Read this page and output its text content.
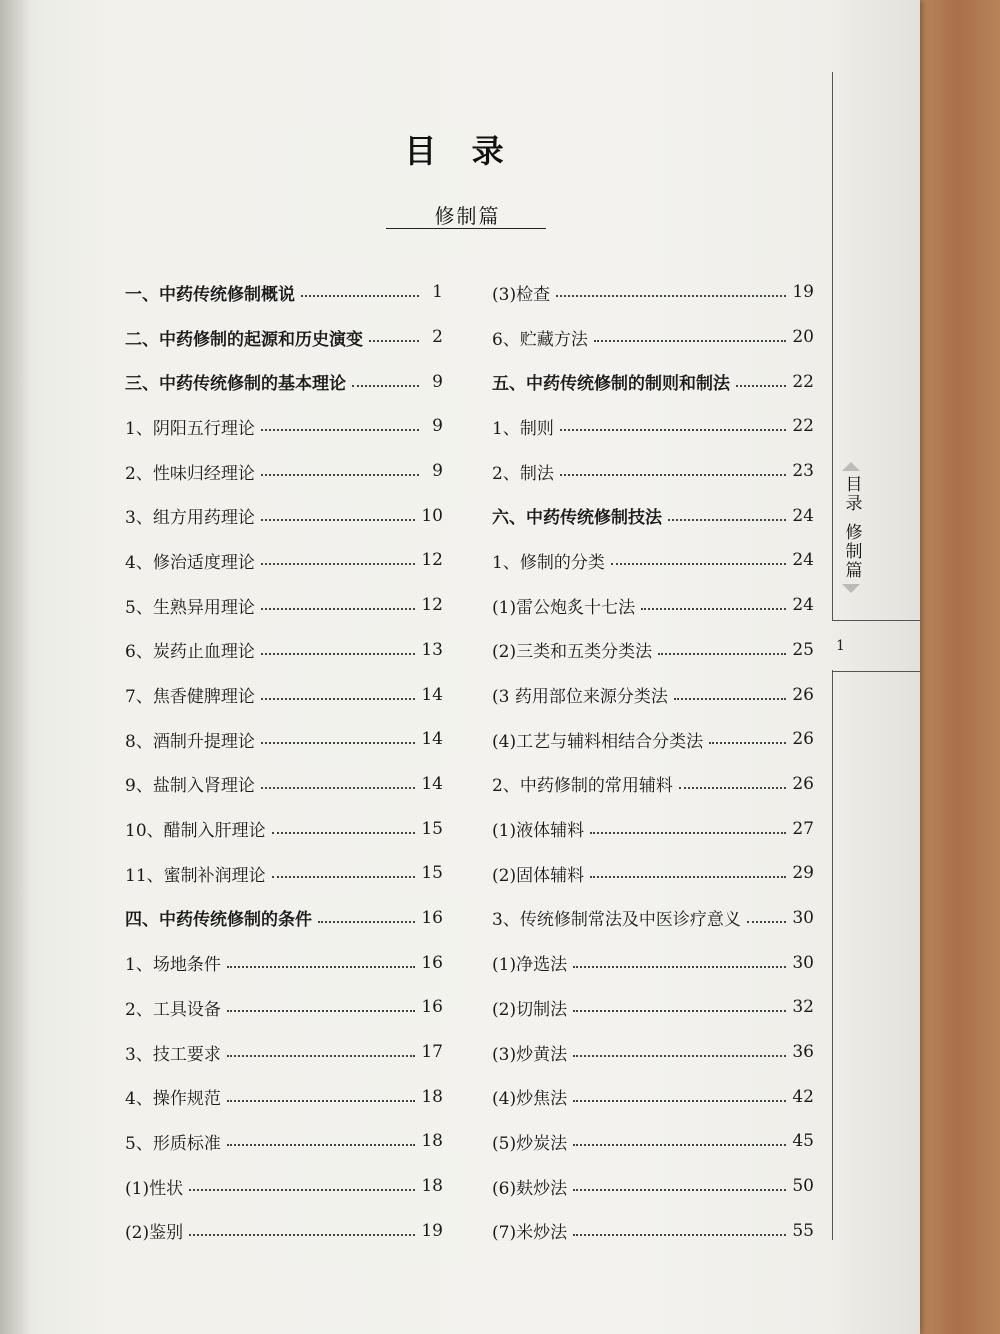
目 录
修制篇
一、中药传统修制概说	1
二、中药修制的起源和历史演变	2
三、中药传统修制的基本理论	9
1、阴阳五行理论	9
2、性味归经理论	9
3、组方用药理论	10
4、修治适度理论	12
5、生熟异用理论	12
6、炭药止血理论	13
7、焦香健脾理论	14
8、酒制升提理论	14
9、盐制入肾理论	14
10、醋制入肝理论	15
11、蜜制补润理论	15
四、中药传统修制的条件	16
1、场地条件	16
2、工具设备	16
3、技工要求	17
4、操作规范	18
5、形质标准	18
(1)性状	18
(2)鉴别	19
(3)检查	19
6、贮藏方法	20
五、中药传统修制的制则和制法	22
1、制则	22
2、制法	23
六、中药传统修制技法	24
1、修制的分类	24
(1)雷公炮炙十七法	24
(2)三类和五类分类法	25
(3 药用部位来源分类法	26
(4)工艺与辅料相结合分类法	26
2、中药修制的常用辅料	26
(1)液体辅料	27
(2)固体辅料	29
3、传统修制常法及中医诊疗意义	30
(1)净选法	30
(2)切制法	32
(3)炒黄法	36
(4)炒焦法	42
(5)炒炭法	45
(6)麸炒法	50
(7)米炒法	55
目录
修制篇
1
